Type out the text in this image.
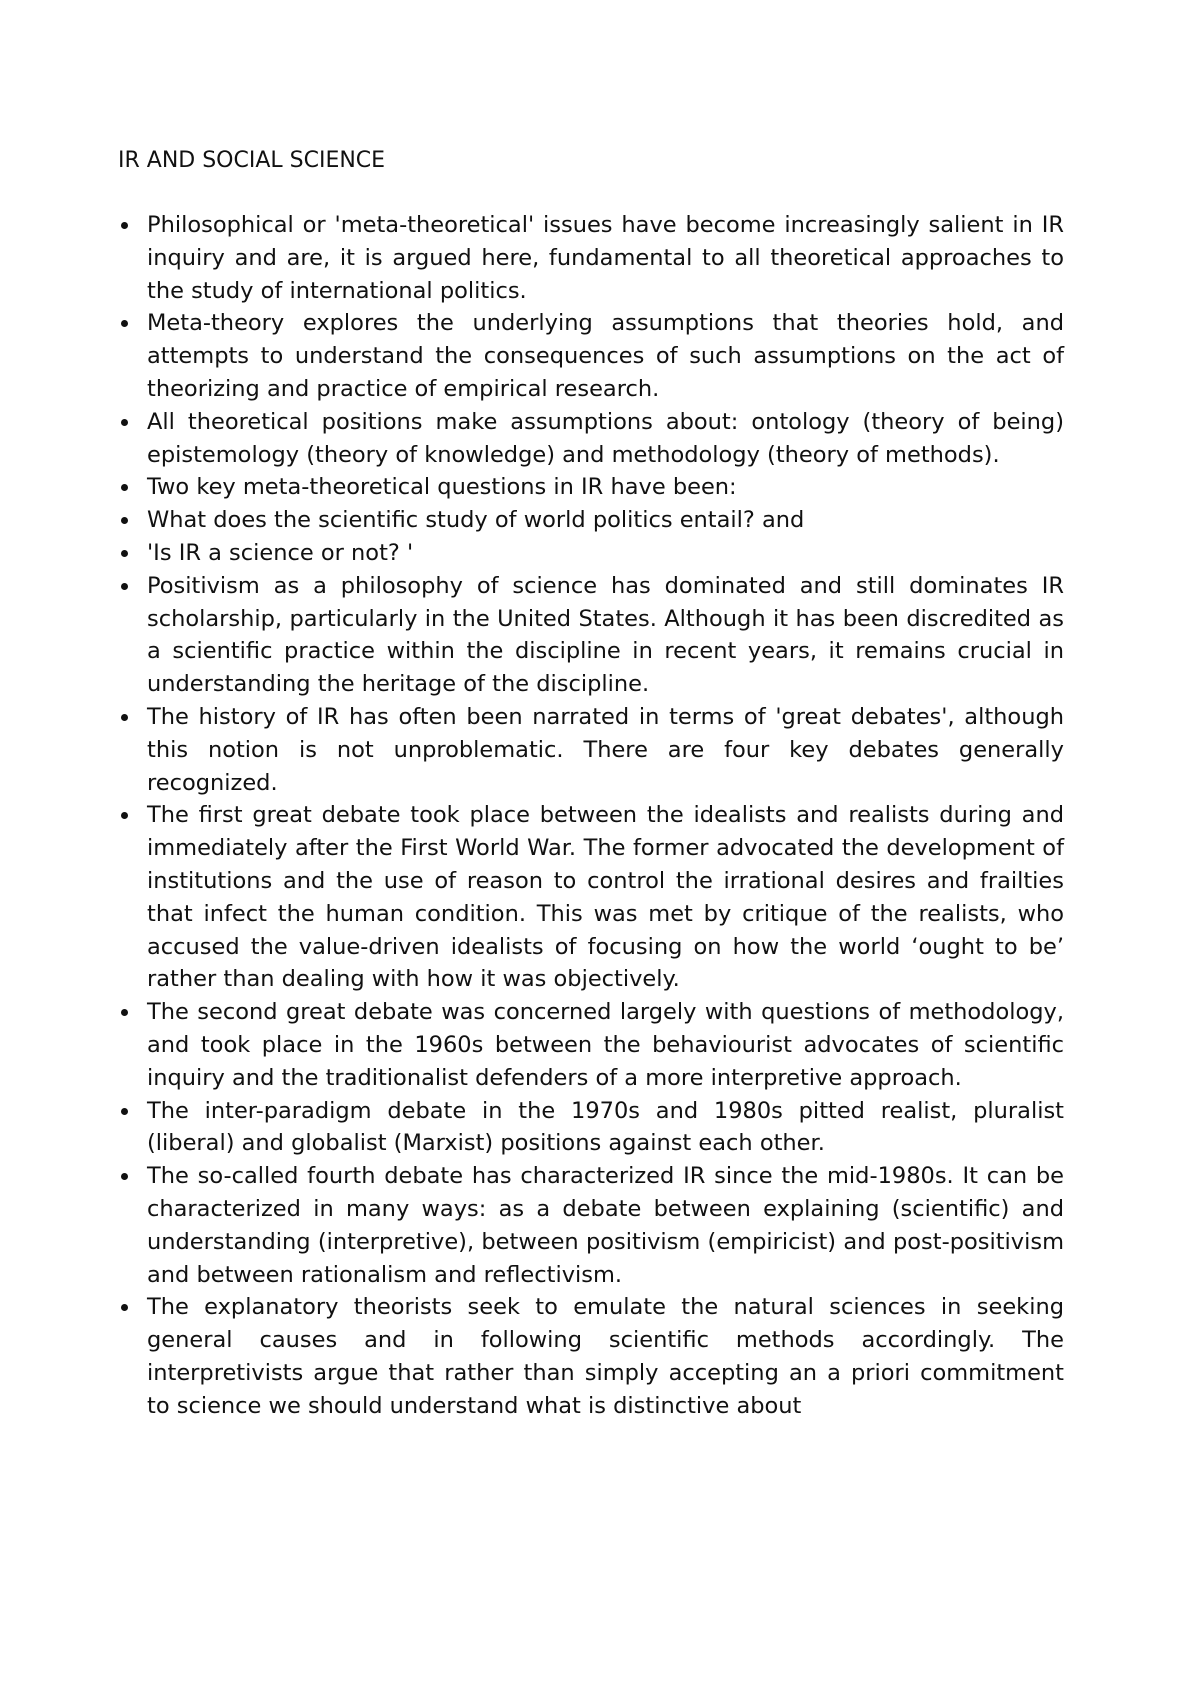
IR AND SOCIAL SCIENCE
Philosophical or 'meta-theoretical' issues have become increasingly salient in IR inquiry and are, it is argued here, fundamental to all theoretical approaches to the study of international politics.
Meta-theory explores the underlying assumptions that theories hold, and attempts to understand the consequences of such assumptions on the act of theorizing and practice of empirical research.
All theoretical positions make assumptions about: ontology (theory of being) epistemology (theory of knowledge) and methodology (theory of methods).
Two key meta-theoretical questions in IR have been:
What does the scientific study of world politics entail? and
'Is IR a science or not? '
Positivism as a philosophy of science has dominated and still dominates IR scholarship, particularly in the United States. Although it has been discredited as a scientific practice within the discipline in recent years, it remains crucial in understanding the heritage of the discipline.
The history of IR has often been narrated in terms of 'great debates', although this notion is not unproblematic. There are four key debates generally recognized.
The first great debate took place between the idealists and realists during and immediately after the First World War. The former advocated the development of institutions and the use of reason to control the irrational desires and frailties that infect the human condition. This was met by critique of the realists, who accused the value-driven idealists of focusing on how the world ‘ought to be’ rather than dealing with how it was objectively.
The second great debate was concerned largely with questions of methodology, and took place in the 1960s between the behaviourist advocates of scientific inquiry and the traditionalist defenders of a more interpretive approach.
The inter-paradigm debate in the 1970s and 1980s pitted realist, pluralist (liberal) and globalist (Marxist) positions against each other.
The so-called fourth debate has characterized IR since the mid-1980s. It can be characterized in many ways: as a debate between explaining (scientific) and understanding (interpretive), between positivism (empiricist) and post-positivism and between rationalism and reflectivism.
The explanatory theorists seek to emulate the natural sciences in seeking general causes and in following scientific methods accordingly. The interpretivists argue that rather than simply accepting an a priori commitment to science we should understand what is distinctive about
